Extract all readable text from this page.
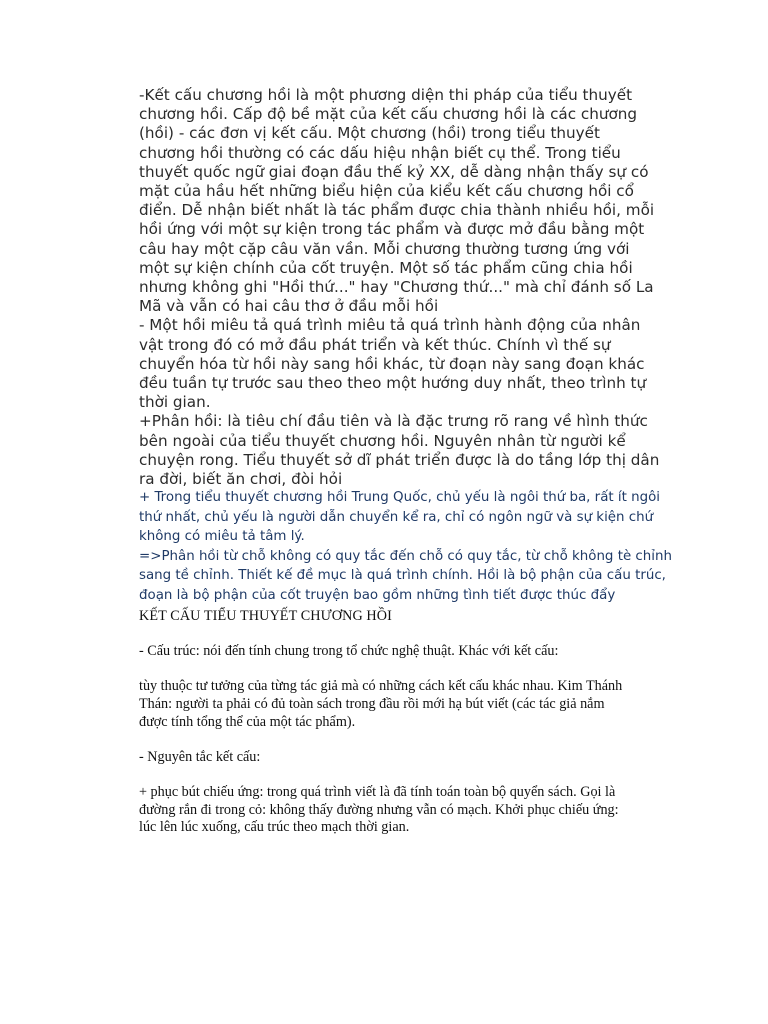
-Kết cấu chương hồi là một phương diện thi pháp của tiểu thuyết
chương hồi. Cấp độ bề mặt của kết cấu chương hồi là các chương
(hồi) - các đơn vị kết cấu. Một chương (hồi) trong tiểu thuyết
chương hồi thường có các dấu hiệu nhận biết cụ thể. Trong tiểu
thuyết quốc ngữ giai đoạn đầu thế kỷ XX, dễ dàng nhận thấy sự có
mặt của hầu hết những biểu hiện của kiểu kết cấu chương hồi cổ
điển. Dễ nhận biết nhất là tác phẩm được chia thành nhiều hồi, mỗi
hồi ứng với một sự kiện trong tác phẩm và được mở đầu bằng một
câu hay một cặp câu văn vần. Mỗi chương thường tương ứng với
một sự kiện chính của cốt truyện. Một số tác phẩm cũng chia hồi
nhưng không ghi "Hồi thứ..." hay "Chương thứ..." mà chỉ đánh số La
Mã và vẫn có hai câu thơ ở đầu mỗi hồi

- Một hồi miêu tả quá trình miêu tả quá trình hành động của nhân
vật trong đó có mở đầu phát triển và kết thúc. Chính vì thế sự
chuyển hóa từ hồi này sang hồi khác, từ đoạn này sang đoạn khác
đều tuần tự trước sau theo theo một hướng duy nhất, theo trình tự
thời gian.

+Phân hồi: là tiêu chí đầu tiên và là đặc trưng rõ rang về hình thức
bên ngoài của tiểu thuyết chương hồi. Nguyên nhân từ người kể
chuyện rong. Tiểu thuyết sở dĩ phát triển được là do tầng lớp thị dân
ra đời, biết ăn chơi, đòi hỏi

+ Trong tiểu thuyết chương hồi Trung Quốc, chủ yếu là ngôi thứ ba, rất ít ngôi
thứ nhất, chủ yếu là người dẫn chuyển kể ra, chỉ có ngôn ngữ và sự kiện chứ
không có miêu tả tâm lý.

=>Phân hồi từ chỗ không có quy tắc đến chỗ có quy tắc, từ chỗ không tè chỉnh
sang tề chỉnh. Thiết kế đề mục là quá trình chính. Hồi là bộ phận của cấu trúc,
đoạn là bộ phận của cốt truyện bao gồm những tình tiết được thúc đẩy

KẾT CẤU TIỂU THUYẾT CHƯƠNG HỒI

- Cấu trúc: nói đến tính chung trong tổ chức nghệ thuật. Khác với kết cấu:

tùy thuộc tư tưởng của từng tác giả mà có những cách kết cấu khác nhau. Kim Thánh
Thán: người ta phải có đủ toàn sách trong đầu rồi mới hạ bút viết (các tác giả nắm
được tính tổng thể của một tác phẩm).

- Nguyên tắc kết cấu:

+ phục bút chiếu ứng: trong quá trình viết là đã tính toán toàn bộ quyển sách. Gọi là
đường rắn đi trong cỏ: không thấy đường nhưng vẫn có mạch. Khởi phục chiếu ứng:
lúc lên lúc xuống, cấu trúc theo mạch thời gian.
